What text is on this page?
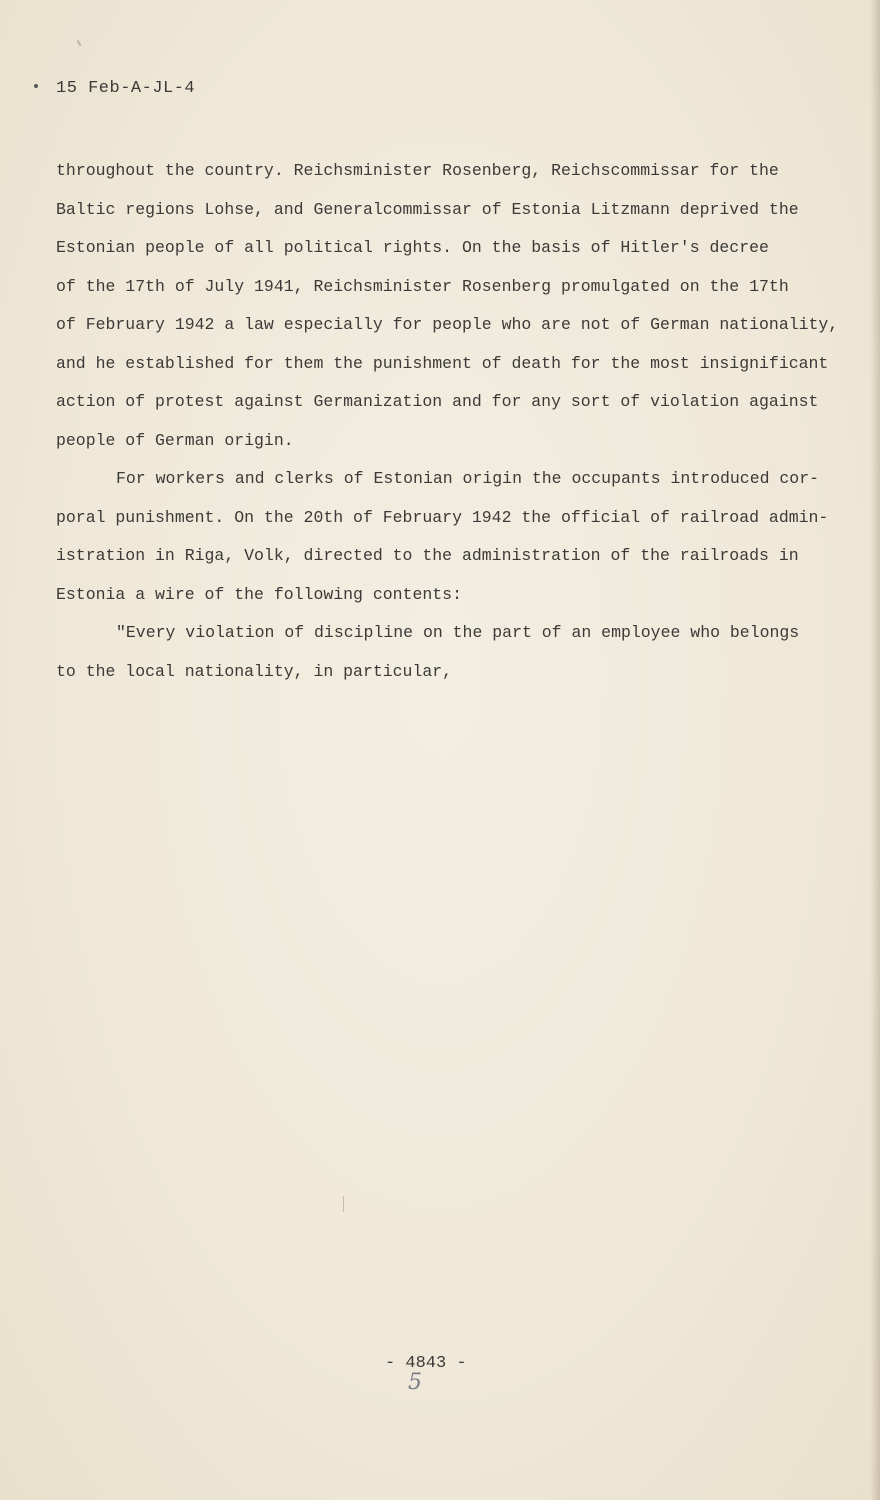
15 Feb-A-JL-4
throughout the country. Reichsminister Rosenberg, Reichscommissar for the
Baltic regions Lohse, and Generalcommissar of Estonia Litzmann deprived the
Estonian people of all political rights. On the basis of Hitler's decree
of the 17th of July 1941, Reichsminister Rosenberg promulgated on the 17th
of February 1942 a law especially for people who are not of German nationality,
and he established for them the punishment of death for the most insignificant
action of protest against Germanization and for any sort of violation against
people of German origin.
For workers and clerks of Estonian origin the occupants introduced cor-
poral punishment. On the 20th of February 1942 the official of railroad admin-
istration in Riga, Volk, directed to the administration of the railroads in
Estonia a wire of the following contents:
"Every violation of discipline on the part of an employee who belongs
to the local nationality, in particular,
- 4843 -
5
